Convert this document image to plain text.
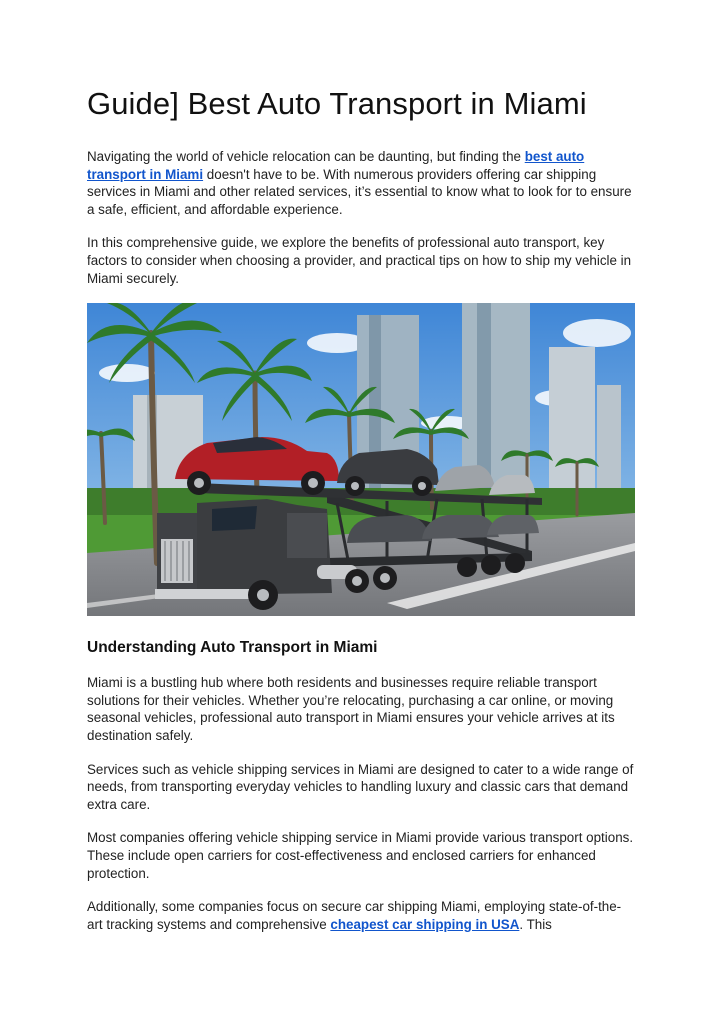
Guide] Best Auto Transport in Miami

Navigating the world of vehicle relocation can be daunting, but finding the best auto transport in Miami doesn't have to be. With numerous providers offering car shipping services in Miami and other related services, it’s essential to know what to look for to ensure a safe, efficient, and affordable experience.

In this comprehensive guide, we explore the benefits of professional auto transport, key factors to consider when choosing a provider, and practical tips on how to ship my vehicle in Miami securely.

Understanding Auto Transport in Miami

Miami is a bustling hub where both residents and businesses require reliable transport solutions for their vehicles. Whether you’re relocating, purchasing a car online, or moving seasonal vehicles, professional auto transport in Miami ensures your vehicle arrives at its destination safely.

Services such as vehicle shipping services in Miami are designed to cater to a wide range of needs, from transporting everyday vehicles to handling luxury and classic cars that demand extra care.

Most companies offering vehicle shipping service in Miami provide various transport options. These include open carriers for cost-effectiveness and enclosed carriers for enhanced protection.

Additionally, some companies focus on secure car shipping Miami, employing state-of-the-art tracking systems and comprehensive cheapest car shipping in USA. This
